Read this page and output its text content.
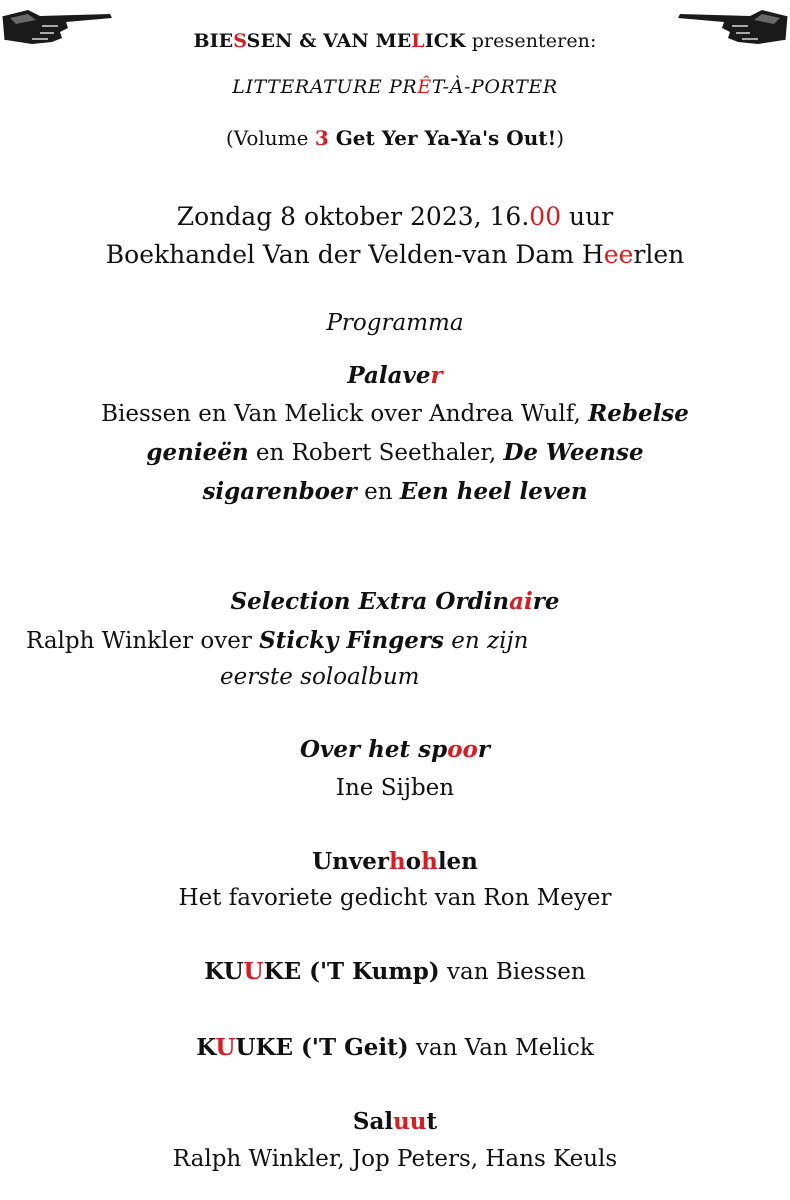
BIESSEN & VAN MELICK presenteren:
LITTERATURE PRÊT-À-PORTER
(Volume 3 Get Yer Ya-Ya's Out!)
Zondag 8 oktober 2023, 16.00 uur
Boekhandel Van der Velden-van Dam Heerlen
Programma
Palaver
Biessen en Van Melick over Andrea Wulf, Rebelse
genieën en Robert Seethaler, De Weense
sigarenboer en Een heel leven
Selection Extra Ordinaire
Ralph Winkler over Sticky Fingers en zijn
eerste soloalbum
Over het spoor
Ine Sijben
Unverhohlen
Het favoriete gedicht van Ron Meyer
KUUKE ('T Kump) van Biessen
KUUKE ('T Geit) van Van Melick
Saluut
Ralph Winkler, Jop Peters, Hans Keuls
